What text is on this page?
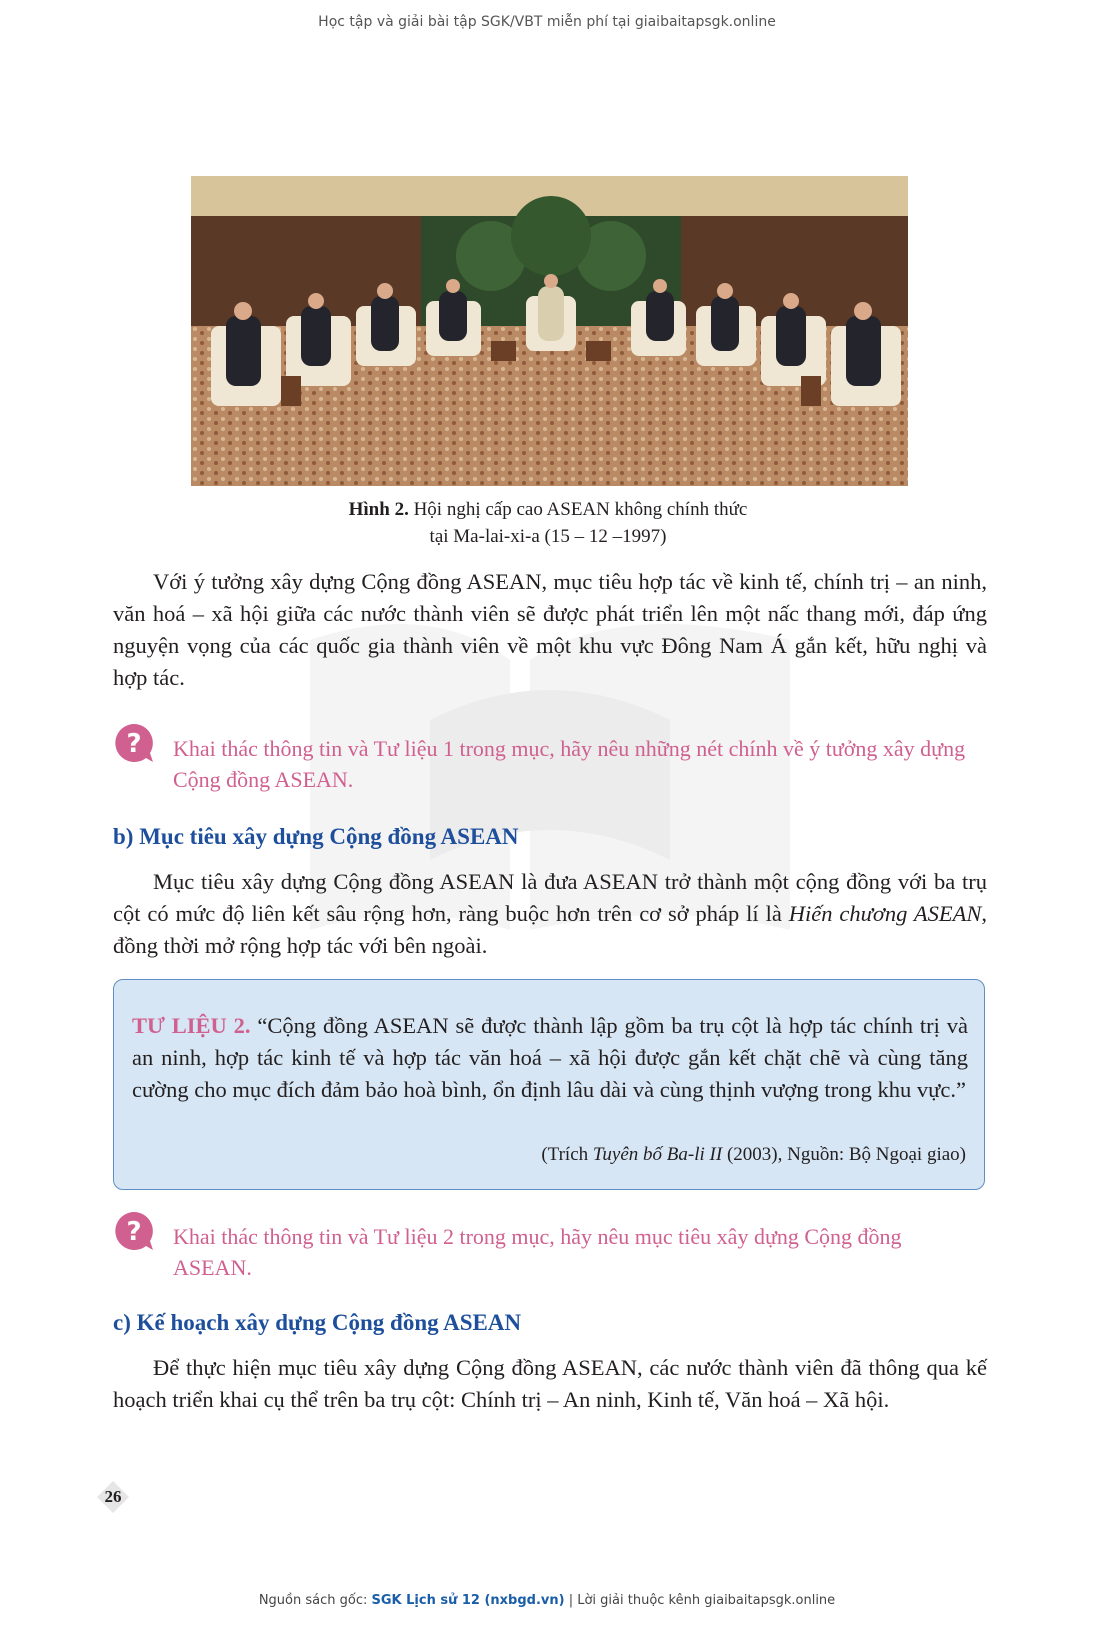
Học tập và giải bài tập SGK/VBT miễn phí tại giaibaitapsgk.online
Hình 2. Hội nghị cấp cao ASEAN không chính thức
tại Ma-lai-xi-a (15 – 12 –1997)

Với ý tưởng xây dựng Cộng đồng ASEAN, mục tiêu hợp tác về kinh tế, chính trị – an ninh, văn hoá – xã hội giữa các nước thành viên sẽ được phát triển lên một nấc thang mới, đáp ứng nguyện vọng của các quốc gia thành viên về một khu vực Đông Nam Á gắn kết, hữu nghị và hợp tác.

? Khai thác thông tin và Tư liệu 1 trong mục, hãy nêu những nét chính về ý tưởng xây dựng Cộng đồng ASEAN.

b) Mục tiêu xây dựng Cộng đồng ASEAN

Mục tiêu xây dựng Cộng đồng ASEAN là đưa ASEAN trở thành một cộng đồng với ba trụ cột có mức độ liên kết sâu rộng hơn, ràng buộc hơn trên cơ sở pháp lí là Hiến chương ASEAN, đồng thời mở rộng hợp tác với bên ngoài.

TƯ LIỆU 2. “Cộng đồng ASEAN sẽ được thành lập gồm ba trụ cột là hợp tác chính trị và an ninh, hợp tác kinh tế và hợp tác văn hoá – xã hội được gắn kết chặt chẽ và cùng tăng cường cho mục đích đảm bảo hoà bình, ổn định lâu dài và cùng thịnh vượng trong khu vực.”

(Trích Tuyên bố Ba-li II (2003), Nguồn: Bộ Ngoại giao)

? Khai thác thông tin và Tư liệu 2 trong mục, hãy nêu mục tiêu xây dựng Cộng đồng ASEAN.

c) Kế hoạch xây dựng Cộng đồng ASEAN

Để thực hiện mục tiêu xây dựng Cộng đồng ASEAN, các nước thành viên đã thông qua kế hoạch triển khai cụ thể trên ba trụ cột: Chính trị – An ninh, Kinh tế, Văn hoá – Xã hội.

26
Nguồn sách gốc: SGK Lịch sử 12 (nxbgd.vn) | Lời giải thuộc kênh giaibaitapsgk.online
